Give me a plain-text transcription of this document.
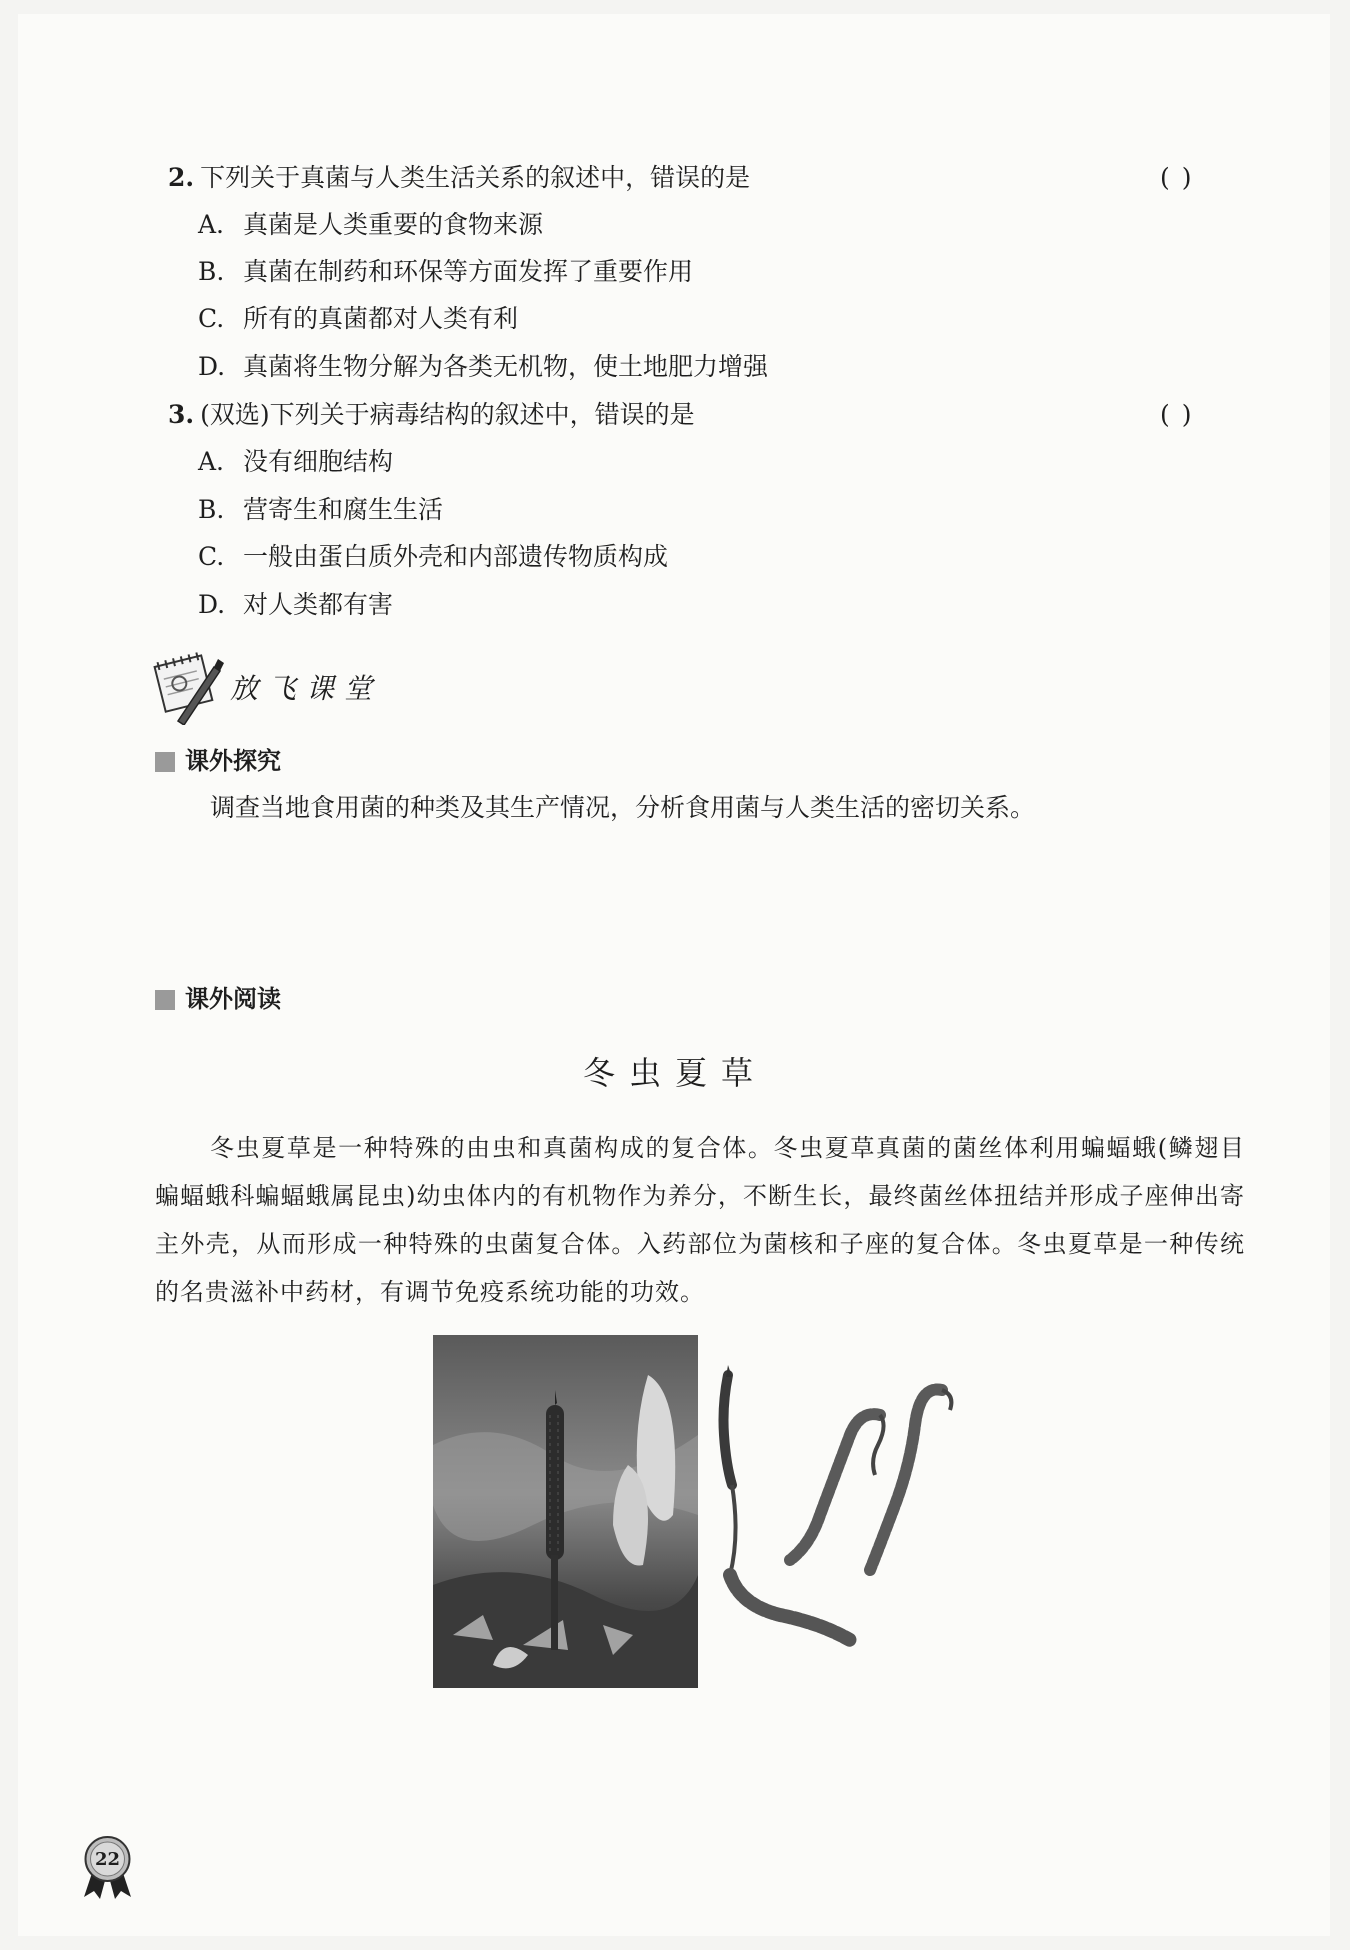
2. 下列关于真菌与人类生活关系的叙述中，错误的是	( )
A. 真菌是人类重要的食物来源
B. 真菌在制药和环保等方面发挥了重要作用
C. 所有的真菌都对人类有利
D. 真菌将生物分解为各类无机物，使土地肥力增强
3. (双选)下列关于病毒结构的叙述中，错误的是	( )
A. 没有细胞结构
B. 营寄生和腐生生活
C. 一般由蛋白质外壳和内部遗传物质构成
D. 对人类都有害
放飞课堂
课外探究
调查当地食用菌的种类及其生产情况，分析食用菌与人类生活的密切关系。
课外阅读
冬虫夏草
冬虫夏草是一种特殊的由虫和真菌构成的复合体。冬虫夏草真菌的菌丝体利用蝙蝠蛾(鳞翅目蝙蝠蛾科蝙蝠蛾属昆虫)幼虫体内的有机物作为养分，不断生长，最终菌丝体扭结并形成子座伸出寄主外壳，从而形成一种特殊的虫菌复合体。入药部位为菌核和子座的复合体。冬虫夏草是一种传统的名贵滋补中药材，有调节免疫系统功能的功效。
22
